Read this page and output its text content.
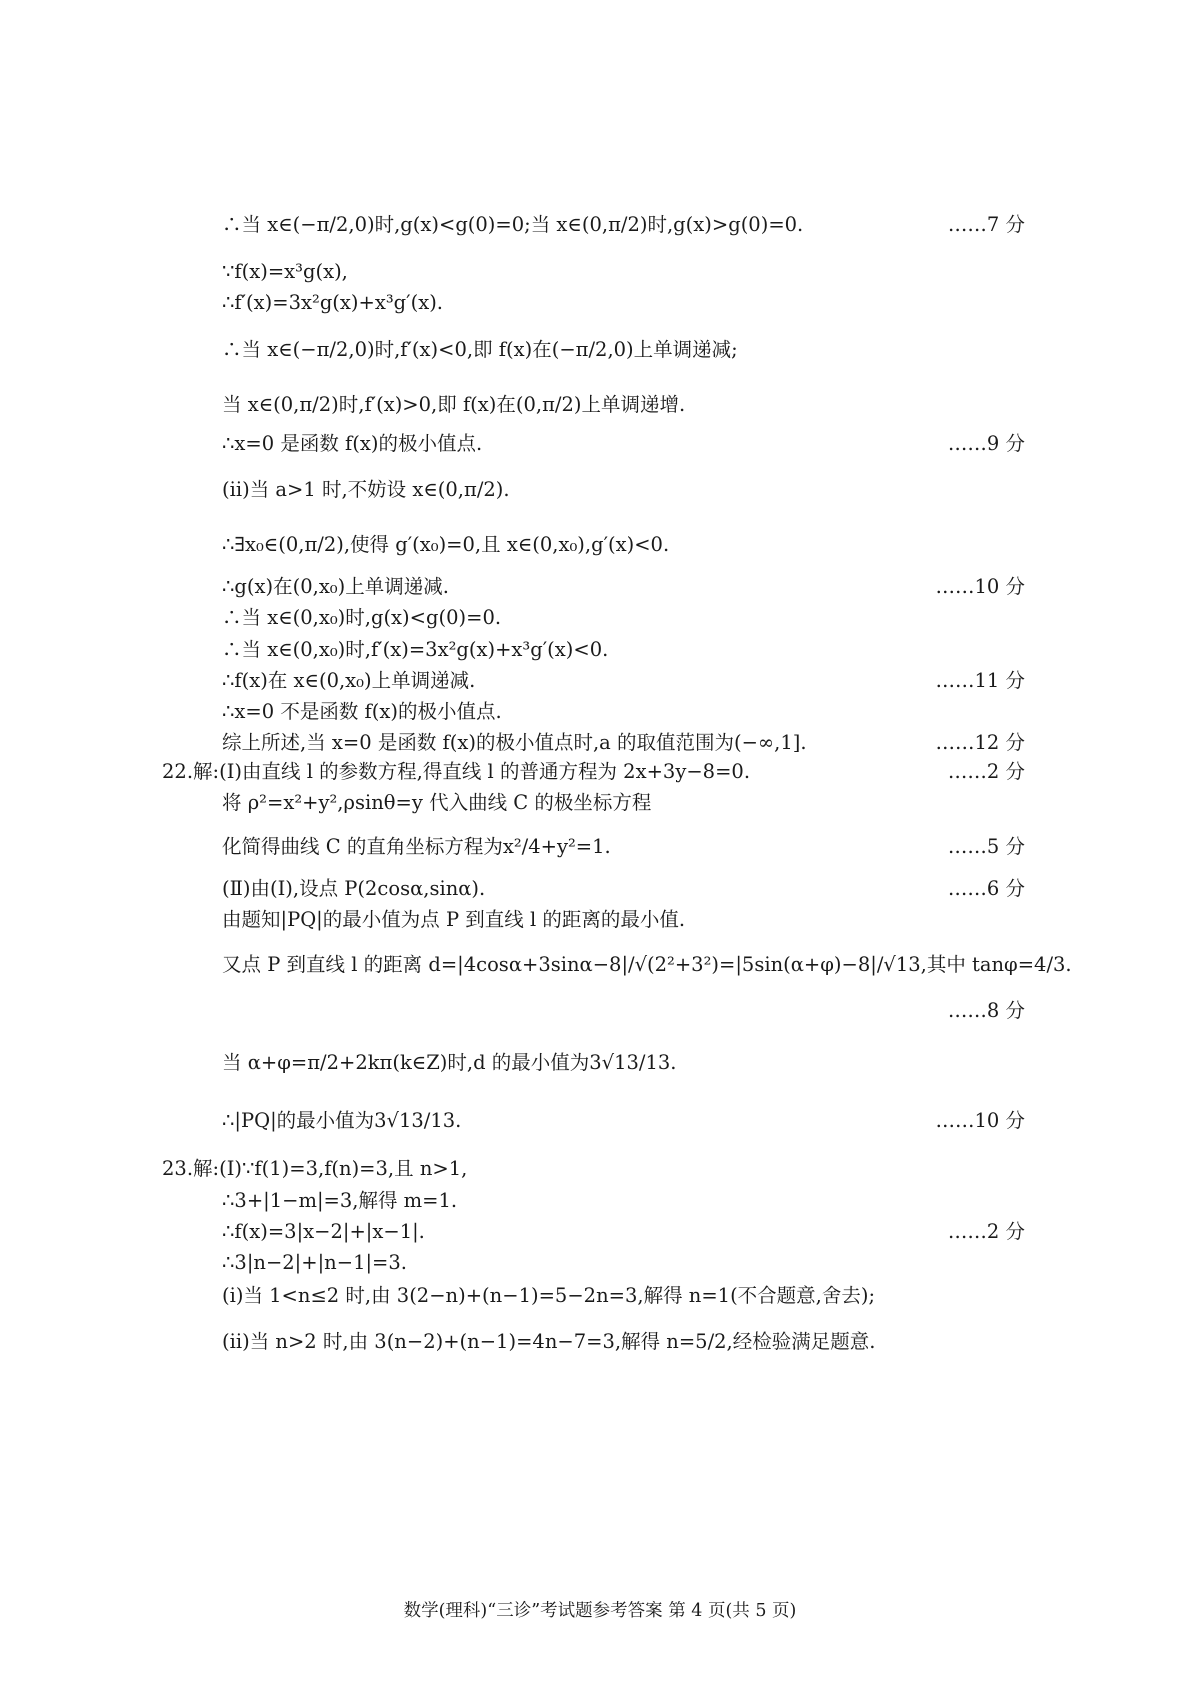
∴当 x∈(−π/2,0)时,g(x)<g(0)=0;当 x∈(0,π/2)时,g(x)>g(0)=0.	……7 分
∵f(x)=x³g(x),
∴f′(x)=3x²g(x)+x³g′(x).
∴当 x∈(−π/2,0)时,f′(x)<0,即 f(x)在(−π/2,0)上单调递减;
当 x∈(0,π/2)时,f′(x)>0,即 f(x)在(0,π/2)上单调递增.
∴x=0 是函数 f(x)的极小值点.	……9 分
(ii)当 a>1 时,不妨设 x∈(0,π/2).
∴∃x₀∈(0,π/2),使得 g′(x₀)=0,且 x∈(0,x₀),g′(x)<0.
∴g(x)在(0,x₀)上单调递减.	……10 分
∴当 x∈(0,x₀)时,g(x)<g(0)=0.
∴当 x∈(0,x₀)时,f′(x)=3x²g(x)+x³g′(x)<0.
∴f(x)在 x∈(0,x₀)上单调递减.	……11 分
∴x=0 不是函数 f(x)的极小值点.
综上所述,当 x=0 是函数 f(x)的极小值点时,a 的取值范围为(−∞,1].	……12 分
22.解:(Ⅰ)由直线 l 的参数方程,得直线 l 的普通方程为 2x+3y−8=0.	……2 分
将 ρ²=x²+y²,ρsinθ=y 代入曲线 C 的极坐标方程
化简得曲线 C 的直角坐标方程为x²/4+y²=1.	……5 分
(Ⅱ)由(Ⅰ),设点 P(2cosα,sinα).	……6 分
由题知|PQ|的最小值为点 P 到直线 l 的距离的最小值.
又点 P 到直线 l 的距离 d=|4cosα+3sinα−8|/√(2²+3²)=|5sin(α+φ)−8|/√13,其中 tanφ=4/3.
……8 分
当 α+φ=π/2+2kπ(k∈Z)时,d 的最小值为3√13/13.
∴|PQ|的最小值为3√13/13.	……10 分
23.解:(Ⅰ)∵f(1)=3,f(n)=3,且 n>1,
∴3+|1−m|=3,解得 m=1.
∴f(x)=3|x−2|+|x−1|.	……2 分
∴3|n−2|+|n−1|=3.
(i)当 1<n≤2 时,由 3(2−n)+(n−1)=5−2n=3,解得 n=1(不合题意,舍去);
(ii)当 n>2 时,由 3(n−2)+(n−1)=4n−7=3,解得 n=5/2,经检验满足题意.
数学(理科)“三诊”考试题参考答案 第 4 页(共 5 页)
